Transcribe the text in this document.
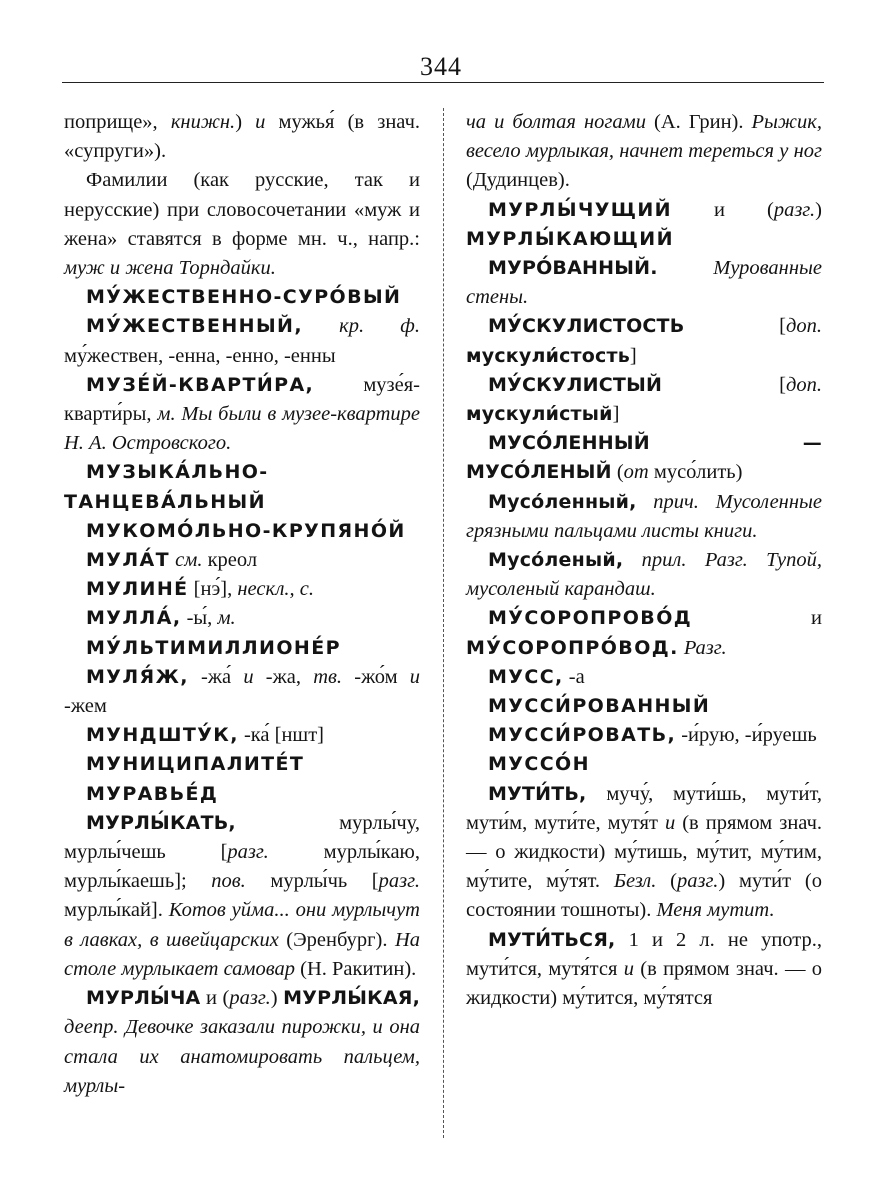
344

поприще», книжн.) и мужья́ (в знач. «супруги»).

Фамилии (как русские, так и нерусские) при словосочетании «муж и жена» ставятся в форме мн. ч., напр.: муж и жена Торндайки.

МУ́ЖЕСТВЕННО-СУРО́ВЫЙ

МУ́ЖЕСТВЕННЫЙ, кр. ф. му́жествен, -енна, -енно, -енны

МУЗЕ́Й-КВАРТИ́РА, музе́я-кварти́ры, м. Мы были в музее-квартире Н. А. Островского.

МУЗЫКА́ЛЬНО-ТАНЦЕВА́ЛЬНЫЙ

МУКОМО́ЛЬНО-КРУПЯНО́Й

МУЛА́Т см. креол

МУЛИНЕ́ [нэ́], нескл., с.

МУЛЛА́, -ы́, м.

МУ́ЛЬТИМИЛЛИОНЕ́Р

МУЛЯ́Ж, -жа́ и -жа, тв. -жо́м и -жем

МУНДШТУ́К, -ка́ [ншт]

МУНИЦИПАЛИТЕ́Т

МУРАВЬЕ́Д

МУРЛЫ́КАТЬ, мурлы́чу, мурлы́чешь [разг. мурлы́каю, мурлы́каешь]; пов. мурлы́чь [разг. мурлы́кай]. Котов уйма... они мурлычут в лавках, в швейцарских (Эренбург). На столе мурлыкает самовар (Н. Ракитин).

МУРЛЫ́ЧА и (разг.) МУРЛЫ́КАЯ, деепр. Девочке заказали пирожки, и она стала их анатомировать пальцем, мурлы-

ча и болтая ногами (А. Грин). Рыжик, весело мурлыкая, начнет тереться у ног (Дудинцев).

МУРЛЫ́ЧУЩИЙ и (разг.) МУРЛЫ́КАЮЩИЙ

МУРО́ВАННЫЙ.	Мурованные стены.

МУ́СКУЛИСТОСТЬ [доп. мускули́стость]

МУ́СКУЛИСТЫЙ [доп. мускули́стый]

МУСО́ЛЕННЫЙ — МУСО́ЛЕНЫЙ (от мусо́лить)

Мусо́ленный, прич. Мусоленные грязными пальцами листы книги.

Мусо́леный, прил. Разг. Тупой, мусоленый карандаш.

МУ́СОРОПРОВО́Д и МУ́СОРОПРО́ВОД. Разг.

МУСС, -а

МУССИ́РОВАННЫЙ

МУССИ́РОВАТЬ, -и́рую, -и́руешь

МУССО́Н

МУТИ́ТЬ, мучу́, мути́шь, мути́т, мути́м, мути́те, мутя́т и (в прямом знач. — о жидкости) му́тишь, му́тит, му́тим, му́тите, му́тят. Безл. (разг.) мути́т (о состоянии тошноты). Меня мутит.

МУТИ́ТЬСЯ, 1 и 2 л. не употр., мути́тся, мутя́тся и (в прямом знач. — о жидкости) му́тится, му́тятся
